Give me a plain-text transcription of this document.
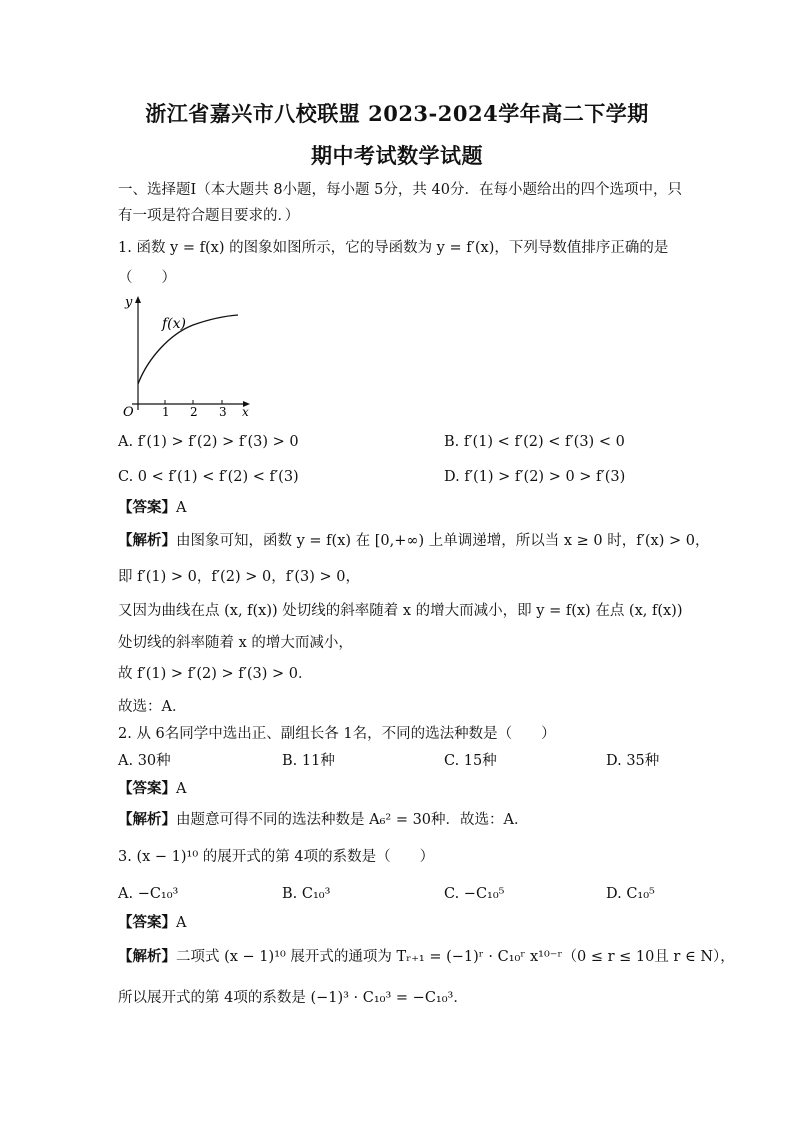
浙江省嘉兴市八校联盟 2023-2024学年高二下学期
期中考试数学试题
一、选择题Ⅰ（本大题共 8小题，每小题 5分，共 40分．在每小题给出的四个选项中，只
有一项是符合题目要求的．）
1. 函数 y = f(x) 的图象如图所示，它的导函数为 y = f′(x)，下列导数值排序正确的是
（　　）
y
x
O 1 2 3
f(x)
A. f′(1) > f′(2) > f′(3) > 0	B. f′(1) < f′(2) < f′(3) < 0
C. 0 < f′(1) < f′(2) < f′(3)	D. f′(1) > f′(2) > 0 > f′(3)
【答案】A
【解析】由图象可知，函数 y = f(x) 在 [0,+∞) 上单调递增，所以当 x ≥ 0 时，f′(x) > 0，
即 f′(1) > 0，f′(2) > 0，f′(3) > 0，
又因为曲线在点 (x, f(x)) 处切线的斜率随着 x 的增大而减小，即 y = f(x) 在点 (x, f(x))
处切线的斜率随着 x 的增大而减小，
故 f′(1) > f′(2) > f′(3) > 0．
故选：A．
2. 从 6名同学中选出正、副组长各 1名，不同的选法种数是（　　）
A. 30种	B. 11种	C. 15种	D. 35种
【答案】A
【解析】由题意可得不同的选法种数是 A₆² = 30种．故选：A．
3. (x − 1)¹⁰ 的展开式的第 4项的系数是（　　）
A. −C₁₀³	B. C₁₀³	C. −C₁₀⁵	D. C₁₀⁵
【答案】A
【解析】二项式 (x − 1)¹⁰ 展开式的通项为 Tᵣ₊₁ = (−1)ʳ · C₁₀ʳ x¹⁰⁻ʳ（0 ≤ r ≤ 10且 r ∈ N），
所以展开式的第 4项的系数是 (−1)³ · C₁₀³ = −C₁₀³．
